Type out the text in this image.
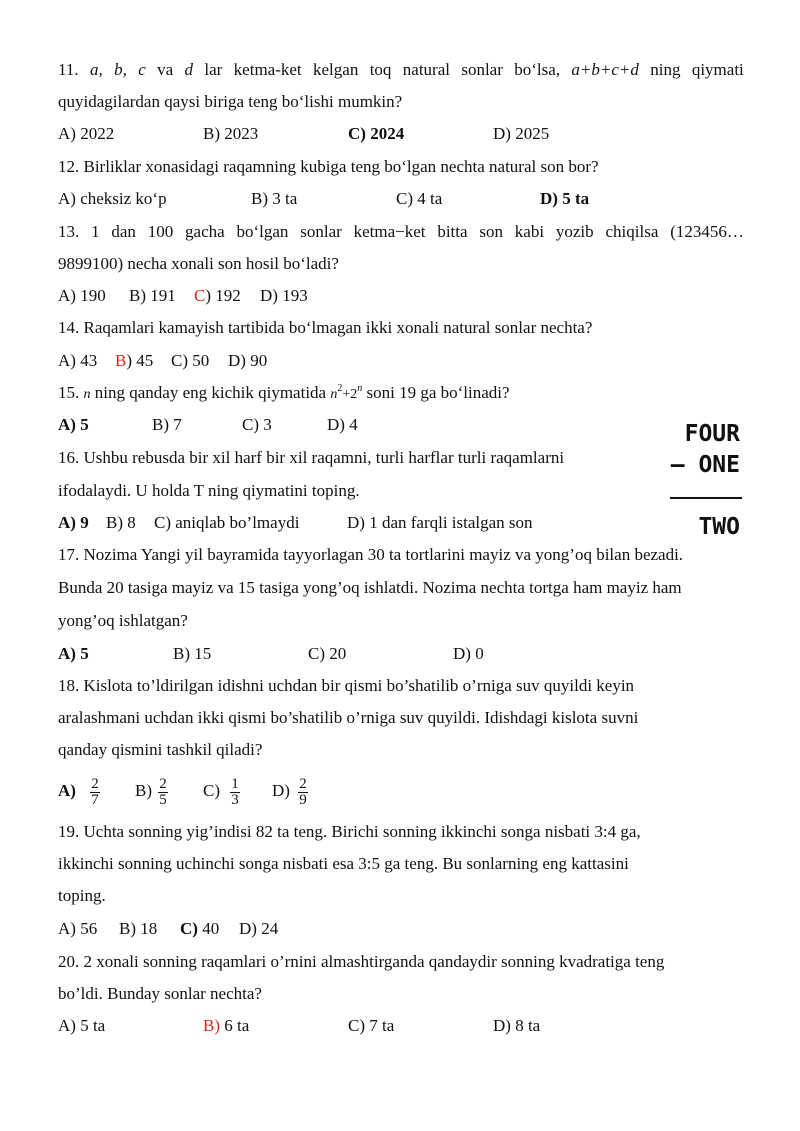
11. a, b, c va d lar ketma-ket kelgan toq natural sonlar bo‘lsa, a+b+c+d ning qiymati
quyidagilardan qaysi biriga teng bo‘lishi mumkin?
A) 2022	B) 2023	C) 2024	D) 2025
12. Birliklar xonasidagi raqamning kubiga teng bo‘lgan nechta natural son bor?
A) cheksiz ko‘p	B) 3 ta	C) 4 ta	D) 5 ta
13. 1 dan 100 gacha bo‘lgan sonlar ketma−ket bitta son kabi yozib chiqilsa (123456…
9899100) necha xonali son hosil bo‘ladi?
A) 190 B) 191 C) 192 D) 193
14. Raqamlari kamayish tartibida bo‘lmagan ikki xonali natural sonlar nechta?
A) 43 B) 45 C) 50 D) 90
15. n ning qanday eng kichik qiymatida $n^2+2^n$ soni 19 ga bo‘linadi?
A) 5	B) 7	C) 3	D) 4
16. Ushbu rebusda bir xil harf bir xil raqamni, turli harflar turli raqamlarni
ifodalaydi. U holda T ning qiymatini toping.
A) 9 B) 8 C) aniqlab bo’lmaydi	D) 1 dan farqli istalgan son
FOUR
– ONE
TWO
17. Nozima Yangi yil bayramida tayyorlagan 30 ta tortlarini mayiz va yong’oq bilan bezadi.
Bunda 20 tasiga mayiz va 15 tasiga yong’oq ishlatdi. Nozima nechta tortga ham mayiz ham
yong’oq ishlatgan?
A) 5	B) 15	C) 20	D) 0
18. Kislota to’ldirilgan idishni uchdan bir qismi bo’shatilib o’rniga suv quyildi keyin
aralashmani uchdan ikki qismi bo’shatilib o’rniga suv quyildi. Idishdagi kislota suvni
qanday qismini tashkil qiladi?
$A) \frac{2}{7} B) \frac{2}{5} C) \frac{1}{3} D) \frac{2}{9}$
19. Uchta sonning yig’indisi 82 ta teng. Birichi sonning ikkinchi songa nisbati 3:4 ga,
ikkinchi sonning uchinchi songa nisbati esa 3:5 ga teng. Bu sonlarning eng kattasini
toping.
A) 56 B) 18 C) 40 D) 24
20. 2 xonali sonning raqamlari o’rnini almashtirganda qandaydir sonning kvadratiga teng
bo’ldi. Bunday sonlar nechta?
A) 5 ta	B) 6 ta	C) 7 ta	D) 8 ta
